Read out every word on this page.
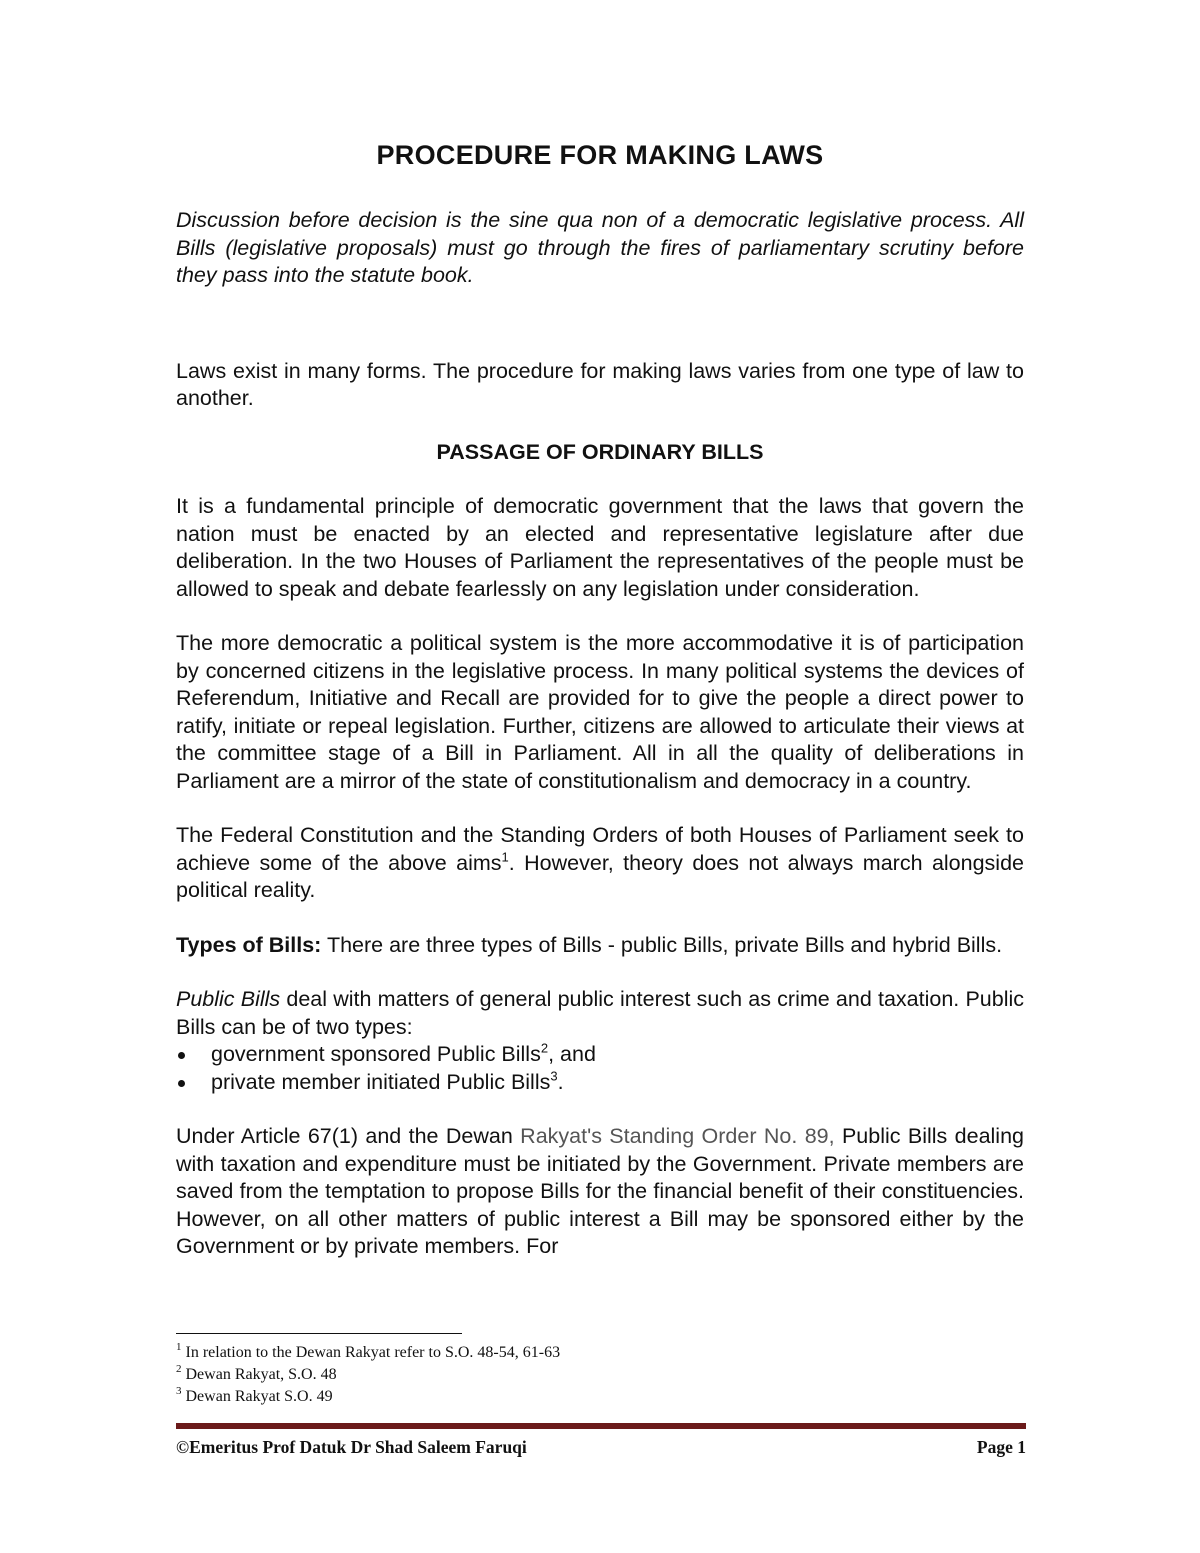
PROCEDURE FOR MAKING LAWS

Discussion before decision is the sine qua non of a democratic legislative process. All Bills (legislative proposals) must go through the fires of parliamentary scrutiny before they pass into the statute book.

Laws exist in many forms. The procedure for making laws varies from one type of law to another.

PASSAGE OF ORDINARY BILLS

It is a fundamental principle of democratic government that the laws that govern the nation must be enacted by an elected and representative legislature after due deliberation. In the two Houses of Parliament the representatives of the people must be allowed to speak and debate fearlessly on any legislation under consideration.

The more democratic a political system is the more accommodative it is of participation by concerned citizens in the legislative process. In many political systems the devices of Referendum, Initiative and Recall are provided for to give the people a direct power to ratify, initiate or repeal legislation. Further, citizens are allowed to articulate their views at the committee stage of a Bill in Parliament. All in all the quality of deliberations in Parliament are a mirror of the state of constitutionalism and democracy in a country.

The Federal Constitution and the Standing Orders of both Houses of Parliament seek to achieve some of the above aims$^1$. However, theory does not always march alongside political reality.

Types of Bills: There are three types of Bills - public Bills, private Bills and hybrid Bills.

Public Bills deal with matters of general public interest such as crime and taxation. Public Bills can be of two types:

government sponsored Public Bills$^2$, and
private member initiated Public Bills$^3$.

Under Article 67(1) and the Dewan Rakyat's Standing Order No. 89, Public Bills dealing with taxation and expenditure must be initiated by the Government. Private members are saved from the temptation to propose Bills for the financial benefit of their constituencies. However, on all other matters of public interest a Bill may be sponsored either by the Government or by private members. For

$^1$ In relation to the Dewan Rakyat refer to S.O. 48-54, 61-63
$^2$ Dewan Rakyat, S.O. 48
$^3$ Dewan Rakyat S.O. 49
©Emeritus Prof Datuk Dr Shad Saleem Faruqi	Page 1
